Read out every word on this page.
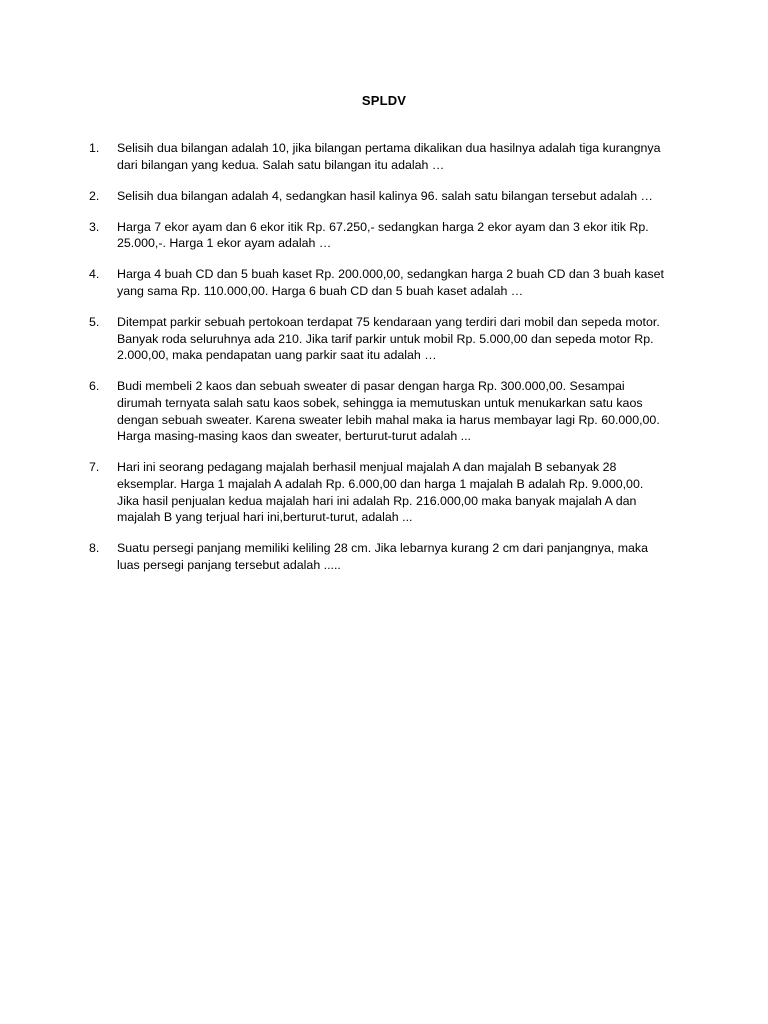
SPLDV
1. Selisih dua bilangan adalah 10, jika bilangan pertama dikalikan dua hasilnya adalah tiga kurangnya
dari bilangan yang kedua. Salah satu bilangan itu adalah …
2. Selisih dua bilangan adalah 4, sedangkan hasil kalinya 96. salah satu bilangan tersebut adalah …
3. Harga 7 ekor ayam dan 6 ekor itik Rp. 67.250,- sedangkan harga 2 ekor ayam dan 3 ekor itik Rp.
25.000,-. Harga 1 ekor ayam adalah …
4. Harga 4 buah CD dan 5 buah kaset Rp. 200.000,00, sedangkan harga 2 buah CD dan 3 buah kaset
yang sama Rp. 110.000,00. Harga 6 buah CD dan 5 buah kaset adalah …
5. Ditempat parkir sebuah pertokoan terdapat 75 kendaraan yang terdiri dari mobil dan sepeda motor.
Banyak roda seluruhnya ada 210. Jika tarif parkir untuk mobil Rp. 5.000,00 dan sepeda motor Rp.
2.000,00, maka pendapatan uang parkir saat itu adalah …
6. Budi membeli 2 kaos dan sebuah sweater di pasar dengan harga Rp. 300.000,00. Sesampai
dirumah ternyata salah satu kaos sobek, sehingga ia memutuskan untuk menukarkan satu kaos
dengan sebuah sweater. Karena sweater lebih mahal maka ia harus membayar lagi Rp. 60.000,00.
Harga masing-masing kaos dan sweater, berturut-turut adalah ...
7. Hari ini seorang pedagang majalah berhasil menjual majalah A dan majalah B sebanyak 28
eksemplar. Harga 1 majalah A adalah Rp. 6.000,00 dan harga 1 majalah B adalah Rp. 9.000,00.
Jika hasil penjualan kedua majalah hari ini adalah Rp. 216.000,00 maka banyak majalah A dan
majalah B yang terjual hari ini,berturut-turut, adalah ...
8. Suatu persegi panjang memiliki keliling 28 cm. Jika lebarnya kurang 2 cm dari panjangnya, maka
luas persegi panjang tersebut adalah .....
